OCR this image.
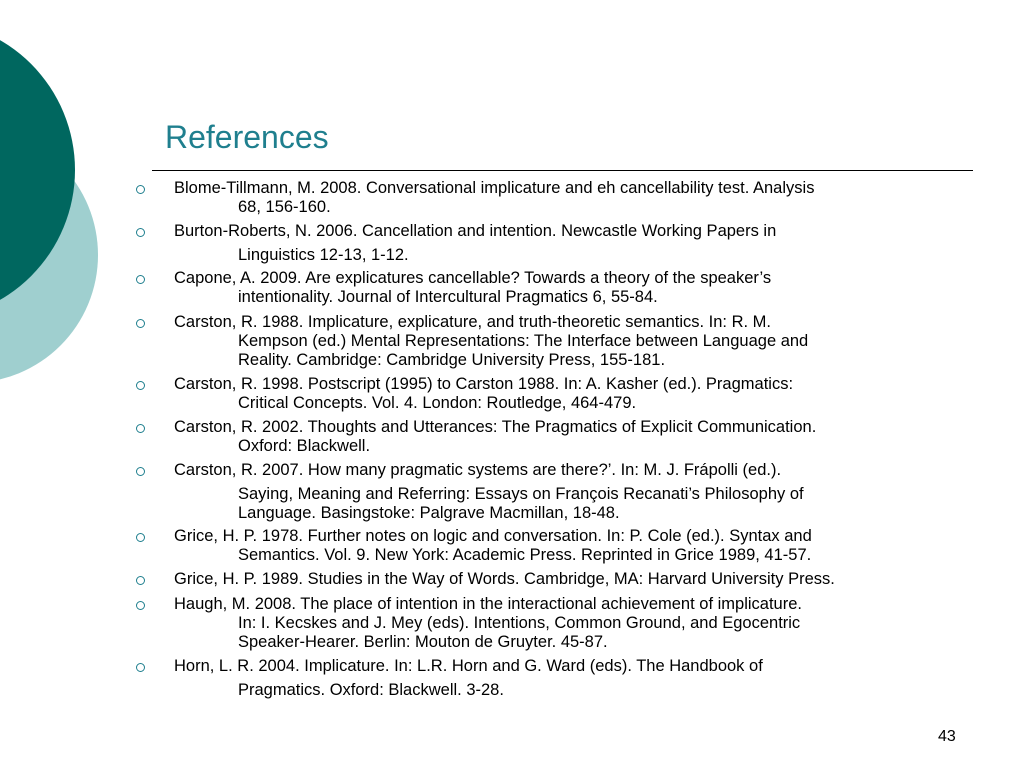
References
Blome-Tillmann, M. 2008. Conversational implicature and eh cancellability test. Analysis
68, 156-160.
Burton-Roberts, N. 2006. Cancellation and intention. Newcastle Working Papers in
Linguistics 12-13, 1-12.
Capone, A. 2009. Are explicatures cancellable? Towards a theory of the speaker’s
intentionality. Journal of Intercultural Pragmatics 6, 55-84.
Carston, R. 1988. Implicature, explicature, and truth-theoretic semantics. In: R. M.
Kempson (ed.) Mental Representations: The Interface between Language and
Reality. Cambridge: Cambridge University Press, 155-181.
Carston, R. 1998. Postscript (1995) to Carston 1988. In: A. Kasher (ed.). Pragmatics:
Critical Concepts. Vol. 4. London: Routledge, 464-479.
Carston, R. 2002. Thoughts and Utterances: The Pragmatics of Explicit Communication.
Oxford: Blackwell.
Carston, R. 2007. How many pragmatic systems are there?’. In: M. J. Frápolli (ed.).
Saying, Meaning and Referring: Essays on François Recanati’s Philosophy of
Language. Basingstoke: Palgrave Macmillan, 18-48.
Grice, H. P. 1978. Further notes on logic and conversation. In: P. Cole (ed.). Syntax and
Semantics. Vol. 9. New York: Academic Press. Reprinted in Grice 1989, 41-57.
Grice, H. P. 1989. Studies in the Way of Words. Cambridge, MA: Harvard University Press.
Haugh, M. 2008. The place of intention in the interactional achievement of implicature.
In: I. Kecskes and J. Mey (eds). Intentions, Common Ground, and Egocentric
Speaker-Hearer. Berlin: Mouton de Gruyter. 45-87.
Horn, L. R. 2004. Implicature. In: L.R. Horn and G. Ward (eds). The Handbook of
Pragmatics. Oxford: Blackwell. 3-28.
43
